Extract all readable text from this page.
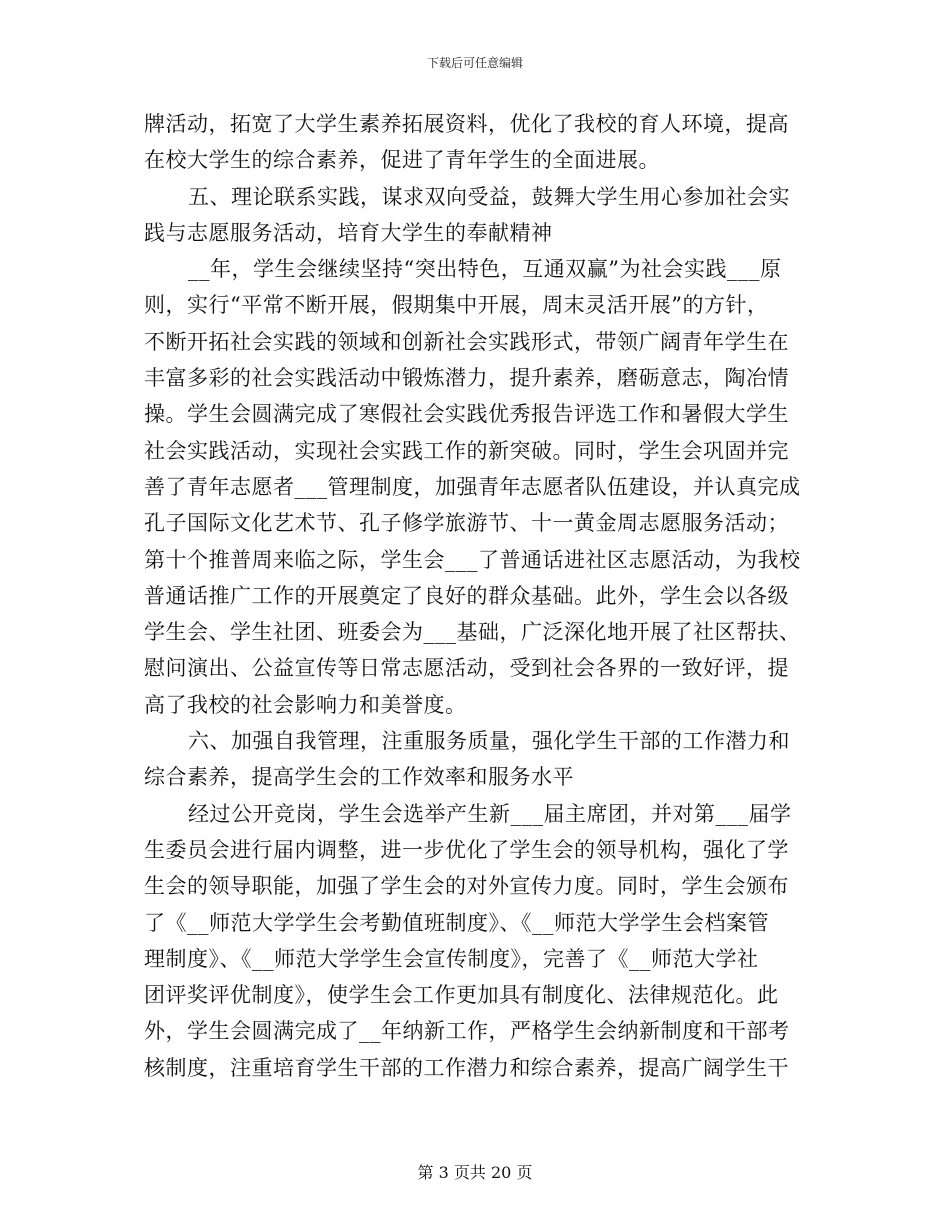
下载后可任意编辑
牌活动，拓宽了大学生素养拓展资料，优化了我校的育人环境，提高
在校大学生的综合素养，促进了青年学生的全面进展。
五、理论联系实践，谋求双向受益，鼓舞大学生用心参加社会实
践与志愿服务活动，培育大学生的奉献精神
__年，学生会继续坚持“突出特色，互通双赢”为社会实践___原
则，实行“平常不断开展，假期集中开展，周末灵活开展”的方针，
不断开拓社会实践的领域和创新社会实践形式，带领广阔青年学生在
丰富多彩的社会实践活动中锻炼潜力，提升素养，磨砺意志，陶冶情
操。学生会圆满完成了寒假社会实践优秀报告评选工作和暑假大学生
社会实践活动，实现社会实践工作的新突破。同时，学生会巩固并完
善了青年志愿者___管理制度，加强青年志愿者队伍建设，并认真完成
孔子国际文化艺术节、孔子修学旅游节、十一黄金周志愿服务活动；
第十个推普周来临之际，学生会___了普通话进社区志愿活动，为我校
普通话推广工作的开展奠定了良好的群众基础。此外，学生会以各级
学生会、学生社团、班委会为___基础，广泛深化地开展了社区帮扶、
慰问演出、公益宣传等日常志愿活动，受到社会各界的一致好评，提
高了我校的社会影响力和美誉度。
六、加强自我管理，注重服务质量，强化学生干部的工作潜力和
综合素养，提高学生会的工作效率和服务水平
经过公开竞岗，学生会选举产生新___届主席团，并对第___届学
生委员会进行届内调整，进一步优化了学生会的领导机构，强化了学
生会的领导职能，加强了学生会的对外宣传力度。同时，学生会颁布
了《__师范大学学生会考勤值班制度》、《__师范大学学生会档案管
理制度》、《__师范大学学生会宣传制度》，完善了《__师范大学社
团评奖评优制度》，使学生会工作更加具有制度化、法律规范化。此
外，学生会圆满完成了__年纳新工作，严格学生会纳新制度和干部考
核制度，注重培育学生干部的工作潜力和综合素养，提高广阔学生干
第 3 页共 20 页
